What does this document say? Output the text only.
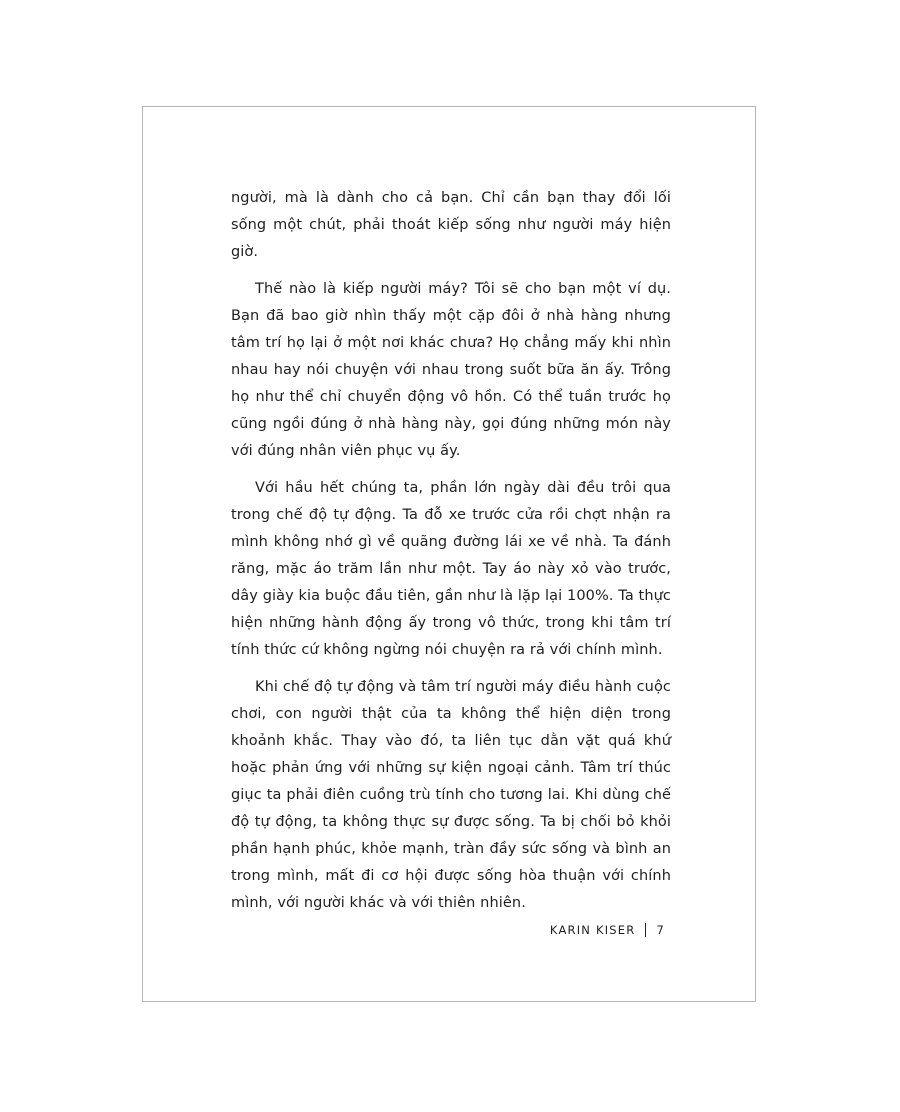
người, mà là dành cho cả bạn. Chỉ cần bạn thay đổi lối sống một chút, phải thoát kiếp sống như người máy hiện giờ.

Thế nào là kiếp người máy? Tôi sẽ cho bạn một ví dụ. Bạn đã bao giờ nhìn thấy một cặp đôi ở nhà hàng nhưng tâm trí họ lại ở một nơi khác chưa? Họ chẳng mấy khi nhìn nhau hay nói chuyện với nhau trong suốt bữa ăn ấy. Trông họ như thể chỉ chuyển động vô hồn. Có thể tuần trước họ cũng ngồi đúng ở nhà hàng này, gọi đúng những món này với đúng nhân viên phục vụ ấy.

Với hầu hết chúng ta, phần lớn ngày dài đều trôi qua trong chế độ tự động. Ta đỗ xe trước cửa rồi chợt nhận ra mình không nhớ gì về quãng đường lái xe về nhà. Ta đánh răng, mặc áo trăm lần như một. Tay áo này xỏ vào trước, dây giày kia buộc đầu tiên, gần như là lặp lại 100%. Ta thực hiện những hành động ấy trong vô thức, trong khi tâm trí tính thức cứ không ngừng nói chuyện ra rả với chính mình.

Khi chế độ tự động và tâm trí người máy điều hành cuộc chơi, con người thật của ta không thể hiện diện trong khoảnh khắc. Thay vào đó, ta liên tục dằn vặt quá khứ hoặc phản ứng với những sự kiện ngoại cảnh. Tâm trí thúc giục ta phải điên cuồng trù tính cho tương lai. Khi dùng chế độ tự động, ta không thực sự được sống. Ta bị chối bỏ khỏi phần hạnh phúc, khỏe mạnh, tràn đầy sức sống và bình an trong mình, mất đi cơ hội được sống hòa thuận với chính mình, với người khác và với thiên nhiên.

KARIN KISER 7
